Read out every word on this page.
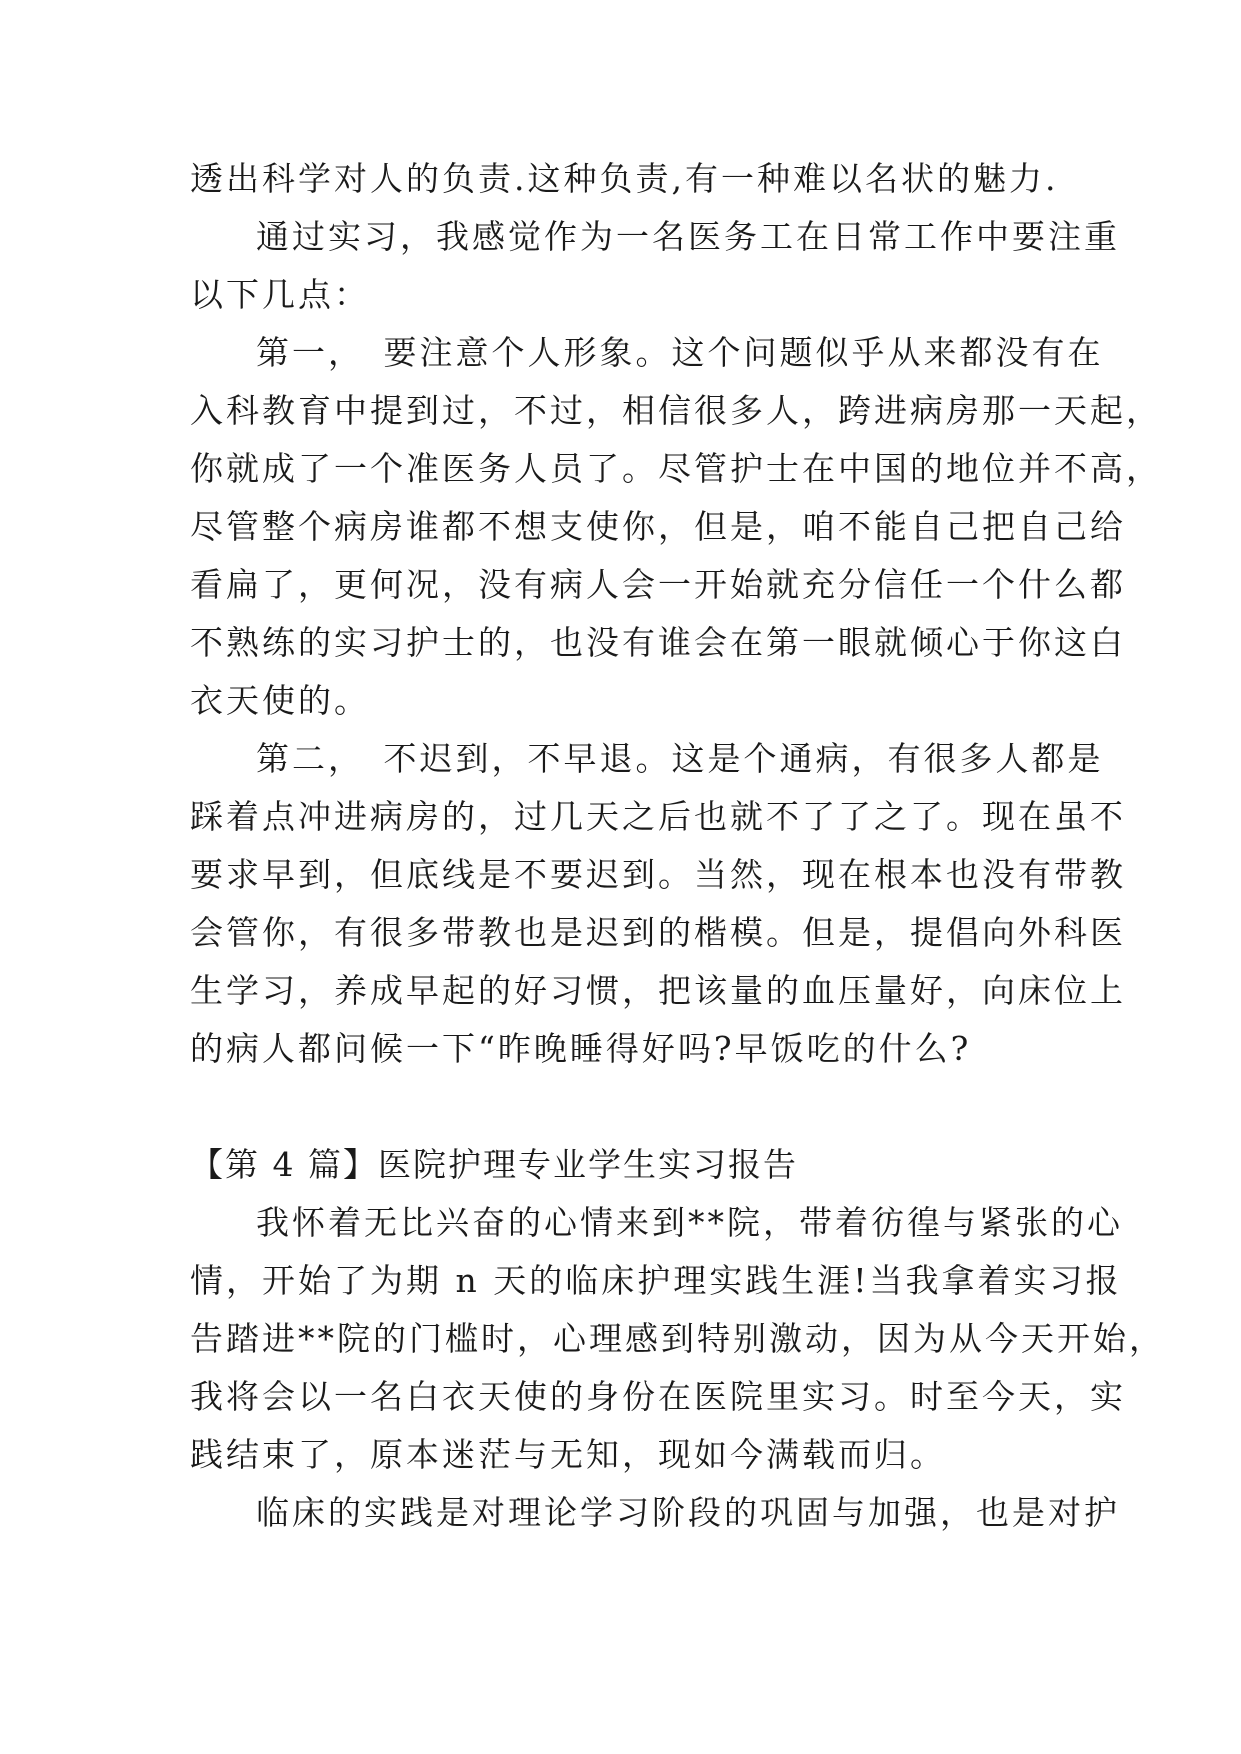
透出科学对人的负责.这种负责,有一种难以名状的魅力.
通过实习，我感觉作为一名医务工在日常工作中要注重
以下几点：
第一，　要注意个人形象。这个问题似乎从来都没有在
入科教育中提到过，不过，相信很多人，跨进病房那一天起，
你就成了一个准医务人员了。尽管护士在中国的地位并不高，
尽管整个病房谁都不想支使你，但是，咱不能自己把自己给
看扁了，更何况，没有病人会一开始就充分信任一个什么都
不熟练的实习护士的，也没有谁会在第一眼就倾心于你这白
衣天使的。
第二，　不迟到，不早退。这是个通病，有很多人都是
踩着点冲进病房的，过几天之后也就不了了之了。现在虽不
要求早到，但底线是不要迟到。当然，现在根本也没有带教
会管你，有很多带教也是迟到的楷模。但是，提倡向外科医
生学习，养成早起的好习惯，把该量的血压量好，向床位上
的病人都问候一下“昨晚睡得好吗?早饭吃的什么?
【第 4 篇】医院护理专业学生实习报告
我怀着无比兴奋的心情来到**院，带着彷徨与紧张的心
情，开始了为期 n 天的临床护理实践生涯!当我拿着实习报
告踏进**院的门槛时，心理感到特别激动，因为从今天开始，
我将会以一名白衣天使的身份在医院里实习。时至今天，实
践结束了，原本迷茫与无知，现如今满载而归。
临床的实践是对理论学习阶段的巩固与加强，也是对护
